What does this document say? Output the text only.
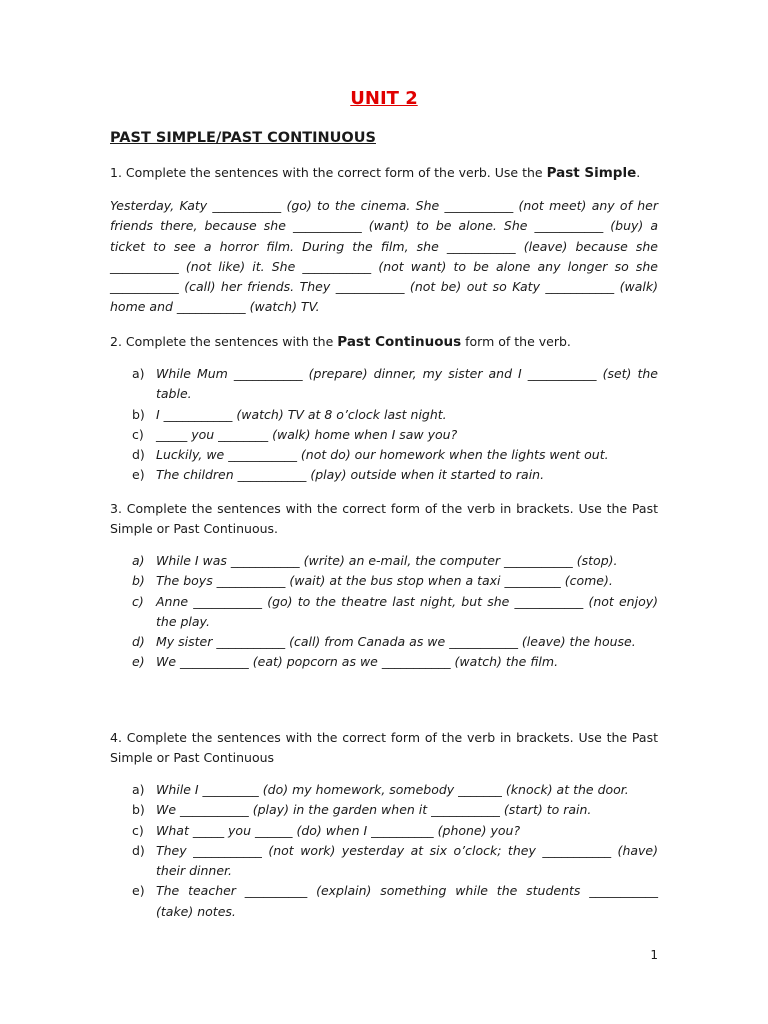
UNIT 2
PAST SIMPLE/PAST CONTINUOUS

1. Complete the sentences with the correct form of the verb. Use the Past Simple.

Yesterday, Katy ___________ (go) to the cinema. She ___________ (not meet) any of her friends there, because she ___________ (want) to be alone. She ___________ (buy) a ticket to see a horror film. During the film, she ___________ (leave) because she ___________ (not like) it. She ___________ (not want) to be alone any longer so she ___________ (call) her friends. They ___________ (not be) out so Katy ___________ (walk) home and ___________ (watch) TV.

2. Complete the sentences with the Past Continuous form of the verb.

a) While Mum ___________ (prepare) dinner, my sister and I ___________ (set) the table.
b) I ___________ (watch) TV at 8 o’clock last night.
c) _____ you ________ (walk) home when I saw you?
d) Luckily, we ___________ (not do) our homework when the lights went out.
e) The children ___________ (play) outside when it started to rain.

3. Complete the sentences with the correct form of the verb in brackets. Use the Past Simple or Past Continuous.

a) While I was ___________ (write) an e-mail, the computer ___________ (stop).
b) The boys ___________ (wait) at the bus stop when a taxi _________ (come).
c) Anne ___________ (go) to the theatre last night, but she ___________ (not enjoy) the play.
d) My sister ___________ (call) from Canada as we ___________ (leave) the house.
e) We ___________ (eat) popcorn as we ___________ (watch) the film.

4. Complete the sentences with the correct form of the verb in brackets. Use the Past Simple or Past Continuous

a) While I _________ (do) my homework, somebody _______ (knock) at the door.
b) We ___________ (play) in the garden when it ___________ (start) to rain.
c) What _____ you ______ (do) when I __________ (phone) you?
d) They ___________ (not work) yesterday at six o’clock; they ___________ (have) their dinner.
e) The teacher __________ (explain) something while the students ___________ (take) notes.

1
